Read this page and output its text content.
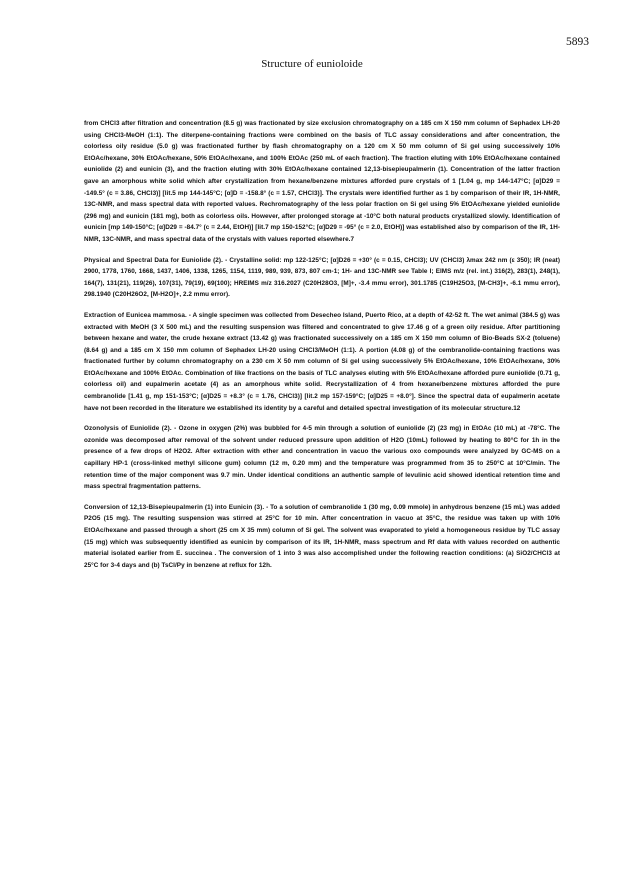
5893
Structure of eunioloide

from CHCl3 after filtration and concentration (8.5 g) was fractionated by size exclusion chromatography on a 185 cm X 150 mm column of Sephadex LH-20 using CHCl3-MeOH (1:1). The diterpene-containing fractions were combined on the basis of TLC assay considerations and after concentration, the colorless oily residue (5.0 g) was fractionated further by flash chromatography on a 120 cm X 50 mm column of Si gel using successively 10% EtOAc/hexane, 30% EtOAc/hexane, 50% EtOAc/hexane, and 100% EtOAc (250 mL of each fraction). The fraction eluting with 10% EtOAc/hexane contained euniolide (2) and eunicin (3), and the fraction eluting with 30% EtOAc/hexane contained 12,13-bisepieupalmerin (1). Concentration of the latter fraction gave an amorphous white solid which after crystallization from hexane/benzene mixtures afforded pure crystals of 1 [1.04 g, mp 144-147°C; [α]D29 = -149.5° (c = 3.86, CHCl3)] [lit.5 mp 144-145°C; [α]D = -158.8° (c = 1.57, CHCl3)]. The crystals were identified further as 1 by comparison of their IR, 1H-NMR, 13C-NMR, and mass spectral data with reported values. Rechromatography of the less polar fraction on Si gel using 5% EtOAc/hexane yielded euniolide (296 mg) and eunicin (181 mg), both as colorless oils. However, after prolonged storage at -10°C both natural products crystallized slowly. Identification of eunicin [mp 149-150°C; [α]D29 = -84.7° (c = 2.44, EtOH)] [lit.7 mp 150-152°C; [α]D29 = -95° (c = 2.0, EtOH)] was established also by comparison of the IR, 1H-NMR, 13C-NMR, and mass spectral data of the crystals with values reported elsewhere.7

Physical and Spectral Data for Euniolide (2). - Crystalline solid: mp 122-125°C; [α]D26 = +30° (c = 0.15, CHCl3); UV (CHCl3) λmax 242 nm (ε 350); IR (neat) 2900, 1778, 1760, 1668, 1437, 1406, 1338, 1265, 1154, 1119, 989, 939, 873, 807 cm-1; 1H- and 13C-NMR see Table I; EIMS m/z (rel. int.) 316(2), 283(1), 248(1), 164(7), 131(21), 119(26), 107(31), 79(19), 69(100); HREIMS m/z 316.2027 (C20H28O3, [M]+, -3.4 mmu error), 301.1785 (C19H25O3, [M-CH3]+, -6.1 mmu error), 298.1940 (C20H26O2, [M-H2O]+, 2.2 mmu error).

Extraction of Eunicea mammosa. - A single specimen was collected from Desecheo Island, Puerto Rico, at a depth of 42-52 ft. The wet animal (384.5 g) was extracted with MeOH (3 X 500 mL) and the resulting suspension was filtered and concentrated to give 17.46 g of a green oily residue. After partitioning between hexane and water, the crude hexane extract (13.42 g) was fractionated successively on a 185 cm X 150 mm column of Bio-Beads SX-2 (toluene) (8.64 g) and a 185 cm X 150 mm column of Sephadex LH-20 using CHCl3/MeOH (1:1). A portion (4.08 g) of the cembranolide-containing fractions was fractionated further by column chromatography on a 230 cm X 50 mm column of Si gel using successively 5% EtOAc/hexane, 10% EtOAc/hexane, 30% EtOAc/hexane and 100% EtOAc. Combination of like fractions on the basis of TLC analyses eluting with 5% EtOAc/hexane afforded pure euniolide (0.71 g, colorless oil) and eupalmerin acetate (4) as an amorphous white solid. Recrystallization of 4 from hexane/benzene mixtures afforded the pure cembranolide [1.41 g, mp 151-153°C; [α]D25 = +8.3° (c = 1.76, CHCl3)] [lit.2 mp 157-159°C; [α]D25 = +8.0°]. Since the spectral data of eupalmerin acetate have not been recorded in the literature we established its identity by a careful and detailed spectral investigation of its molecular structure.12

Ozonolysis of Euniolide (2). - Ozone in oxygen (2%) was bubbled for 4-5 min through a solution of euniolide (2) (23 mg) in EtOAc (10 mL) at -78°C. The ozonide was decomposed after removal of the solvent under reduced pressure upon addition of H2O (10mL) followed by heating to 80°C for 1h in the presence of a few drops of H2O2. After extraction with ether and concentration in vacuo the various oxo compounds were analyzed by GC-MS on a capillary HP-1 (cross-linked methyl silicone gum) column (12 m, 0.20 mm) and the temperature was programmed from 35 to 250°C at 10°C/min. The retention time of the major component was 9.7 min. Under identical conditions an authentic sample of levulinic acid showed identical retention time and mass spectral fragmentation patterns.

Conversion of 12,13-Bisepieupalmerin (1) into Eunicin (3). - To a solution of cembranolide 1 (30 mg, 0.09 mmole) in anhydrous benzene (15 mL) was added P2O5 (15 mg). The resulting suspension was stirred at 25°C for 10 min. After concentration in vacuo at 35°C, the residue was taken up with 10% EtOAc/hexane and passed through a short (25 cm X 35 mm) column of Si gel. The solvent was evaporated to yield a homogeneous residue by TLC assay (15 mg) which was subsequently identified as eunicin by comparison of its IR, 1H-NMR, mass spectrum and Rf data with values recorded on authentic material isolated earlier from E. succinea . The conversion of 1 into 3 was also accomplished under the following reaction conditions: (a) SiO2/CHCl3 at 25°C for 3-4 days and (b) TsCl/Py in benzene at reflux for 12h.
